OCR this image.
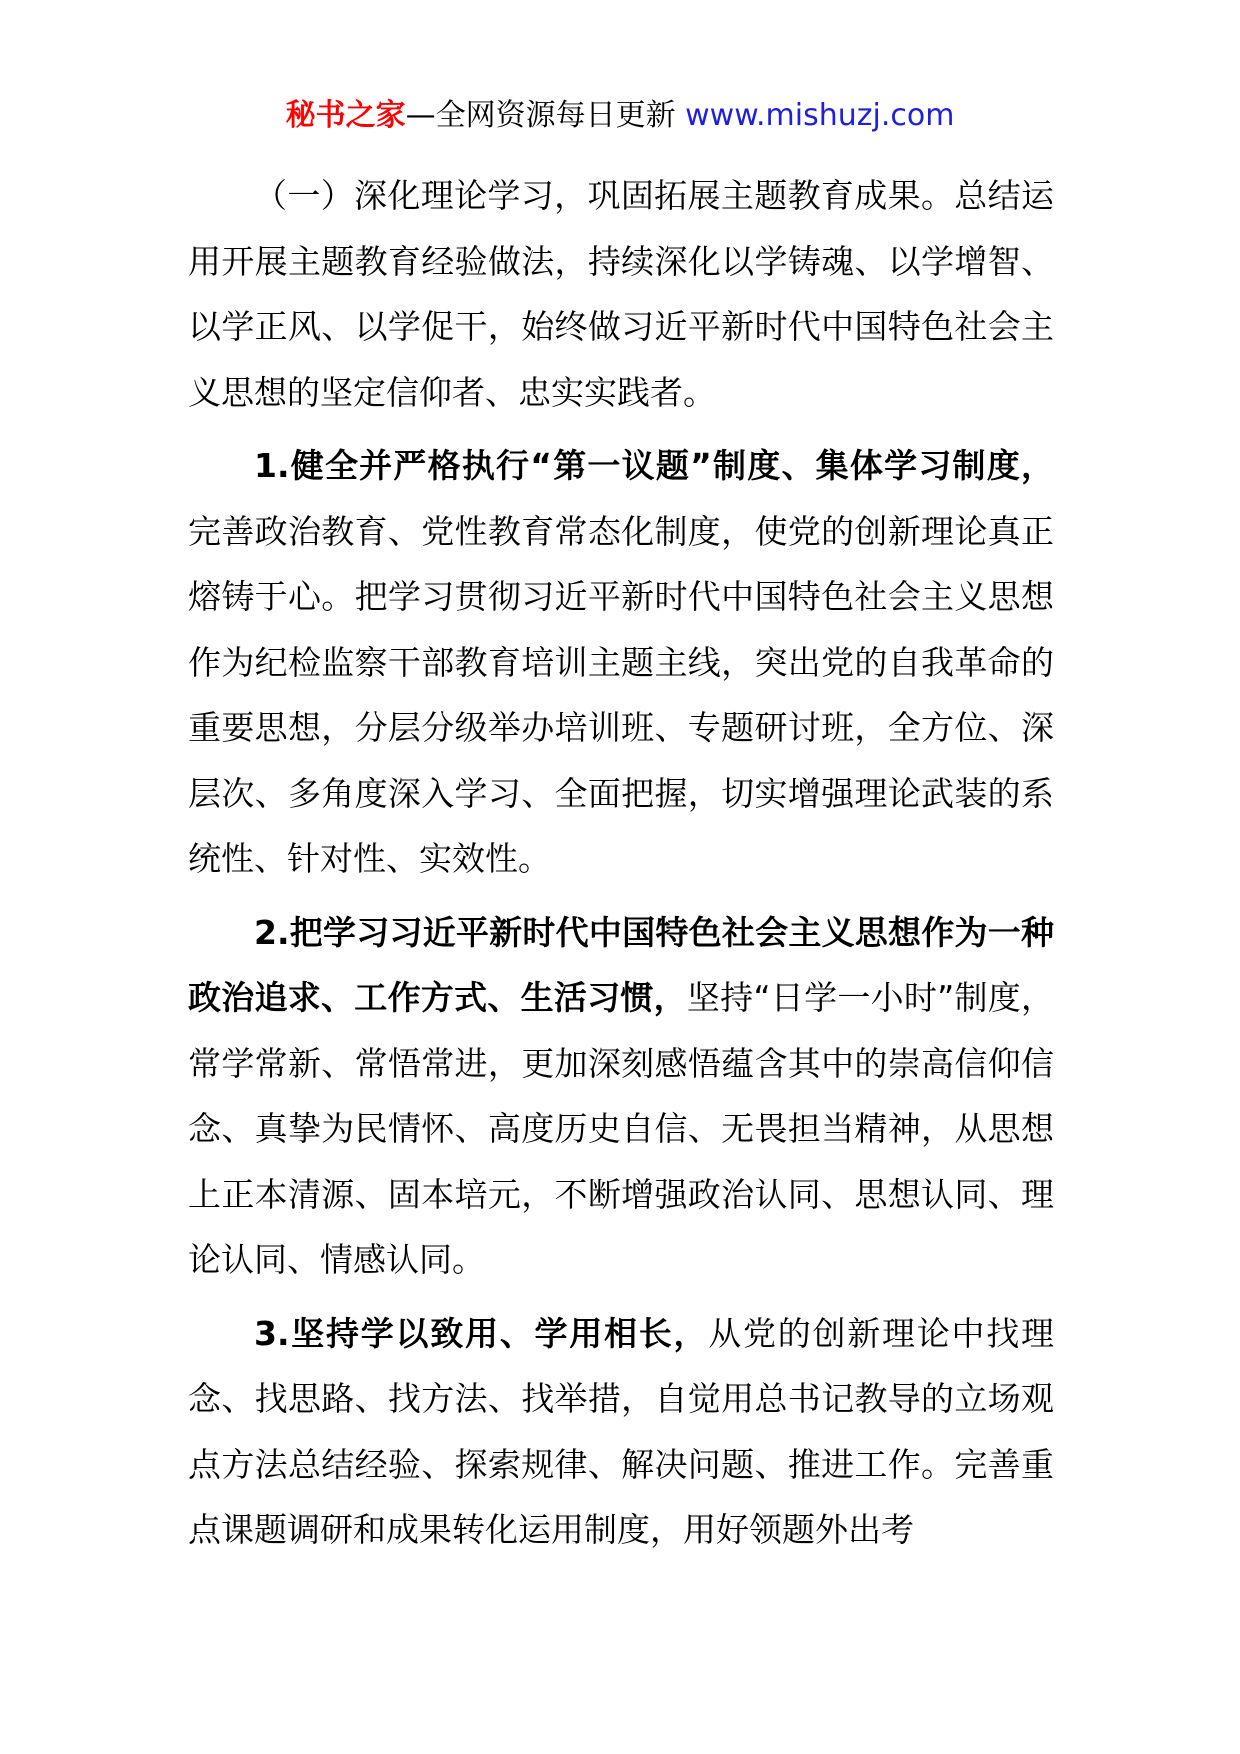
秘书之家—全网资源每日更新 www.mishuzj.com

（一）深化理论学习，巩固拓展主题教育成果。总结运用开展主题教育经验做法，持续深化以学铸魂、以学增智、以学正风、以学促干，始终做习近平新时代中国特色社会主义思想的坚定信仰者、忠实实践者。

1.健全并严格执行“第一议题”制度、集体学习制度，完善政治教育、党性教育常态化制度，使党的创新理论真正熔铸于心。把学习贯彻习近平新时代中国特色社会主义思想作为纪检监察干部教育培训主题主线，突出党的自我革命的重要思想，分层分级举办培训班、专题研讨班，全方位、深层次、多角度深入学习、全面把握，切实增强理论武装的系统性、针对性、实效性。

2.把学习习近平新时代中国特色社会主义思想作为一种政治追求、工作方式、生活习惯，坚持“日学一小时”制度，常学常新、常悟常进，更加深刻感悟蕴含其中的崇高信仰信念、真挚为民情怀、高度历史自信、无畏担当精神，从思想上正本清源、固本培元，不断增强政治认同、思想认同、理论认同、情感认同。

3.坚持学以致用、学用相长，从党的创新理论中找理念、找思路、找方法、找举措，自觉用总书记教导的立场观点方法总结经验、探索规律、解决问题、推进工作。完善重点课题调研和成果转化运用制度，用好领题外出考
